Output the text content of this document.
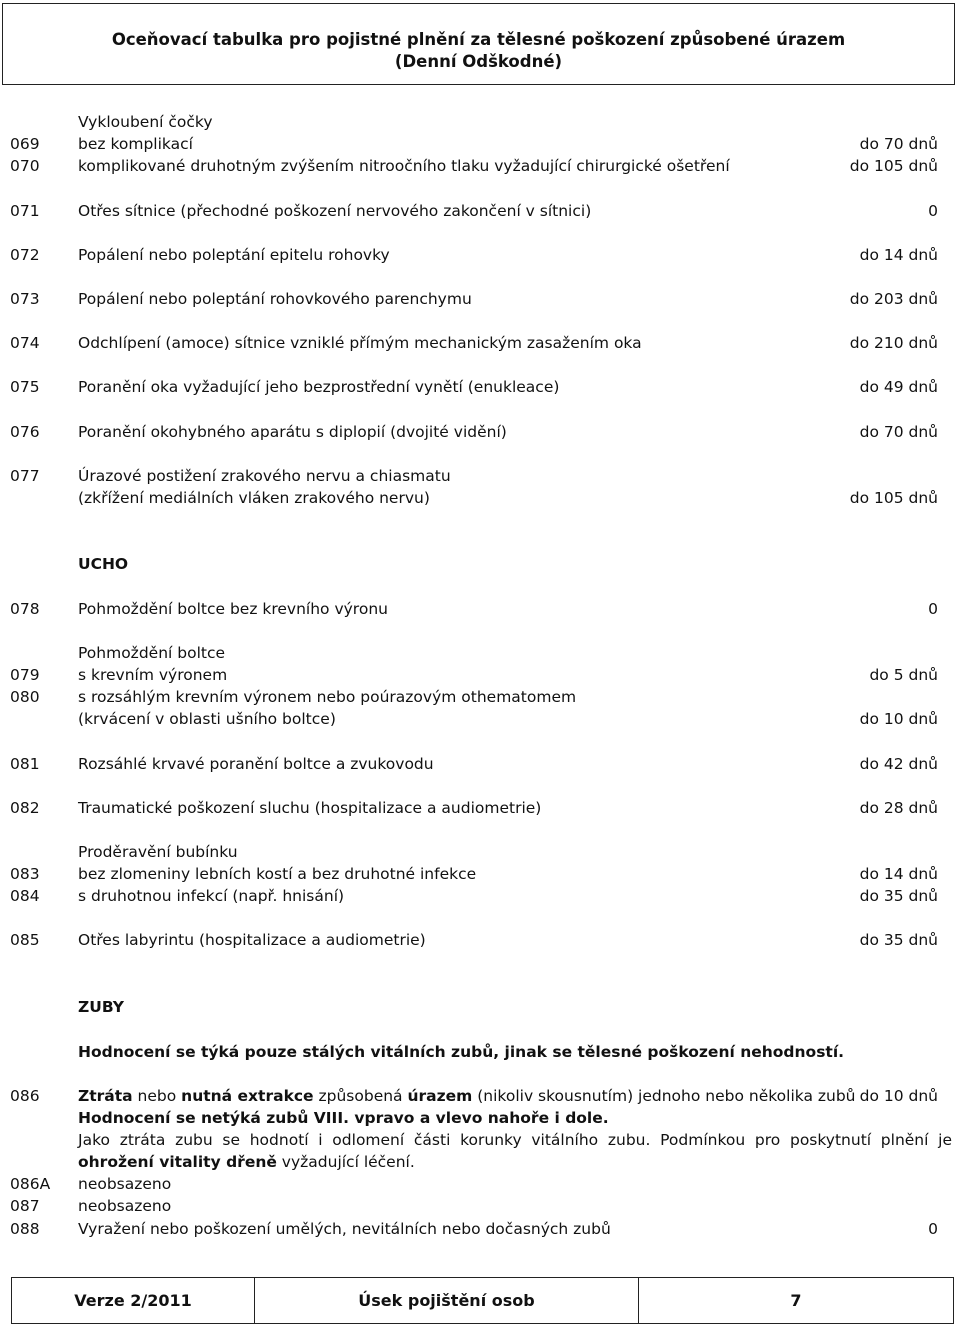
Oceňovací tabulka pro pojistné plnění za tělesné poškození způsobené úrazem
(Denní Odškodné)
Vykloubení čočky
069 bez komplikací	do 70 dnů
070 komplikované druhotným zvýšením nitroočního tlaku vyžadující chirurgické ošetření	do 105 dnů
071 Otřes sítnice (přechodné poškození nervového zakončení v sítnici)	0
072 Popálení nebo poleptání epitelu rohovky	do 14 dnů
073 Popálení nebo poleptání rohovkového parenchymu	do 203 dnů
074 Odchlípení (amoce) sítnice vzniklé přímým mechanickým zasažením oka	do 210 dnů
075 Poranění oka vyžadující jeho bezprostřední vynětí (enukleace)	do 49 dnů
076 Poranění okohybného aparátu s diplopií (dvojité vidění)	do 70 dnů
077 Úrazové postižení zrakového nervu a chiasmatu
(zkřížení mediálních vláken zrakového nervu)	do 105 dnů
UCHO
078 Pohmoždění boltce bez krevního výronu	0
Pohmoždění boltce
079 s krevním výronem	do 5 dnů
080 s rozsáhlým krevním výronem nebo poúrazovým othematomem
(krvácení v oblasti ušního boltce)	do 10 dnů
081 Rozsáhlé krvavé poranění boltce a zvukovodu	do 42 dnů
082 Traumatické poškození sluchu (hospitalizace a audiometrie)	do 28 dnů
Proděravění bubínku
083 bez zlomeniny lebních kostí a bez druhotné infekce	do 14 dnů
084 s druhotnou infekcí (např. hnisání)	do 35 dnů
085 Otřes labyrintu (hospitalizace a audiometrie)	do 35 dnů
ZUBY
Hodnocení se týká pouze stálých vitálních zubů, jinak se tělesné poškození nehodností.
086 Ztráta nebo nutná extrakce způsobená úrazem (nikoliv skousnutím) jednoho nebo několika zubů do 10 dnů
Hodnocení se netýká zubů VIII. vpravo a vlevo nahoře i dole.
Jako ztráta zubu se hodnotí i odlomení části korunky vitálního zubu. Podmínkou pro poskytnutí plnění je
ohrožení vitality dřeně vyžadující léčení.
086A neobsazeno
087 neobsazeno
088 Vyražení nebo poškození umělých, nevitálních nebo dočasných zubů	0
Verze 2/2011	Úsek pojištění osob	7
